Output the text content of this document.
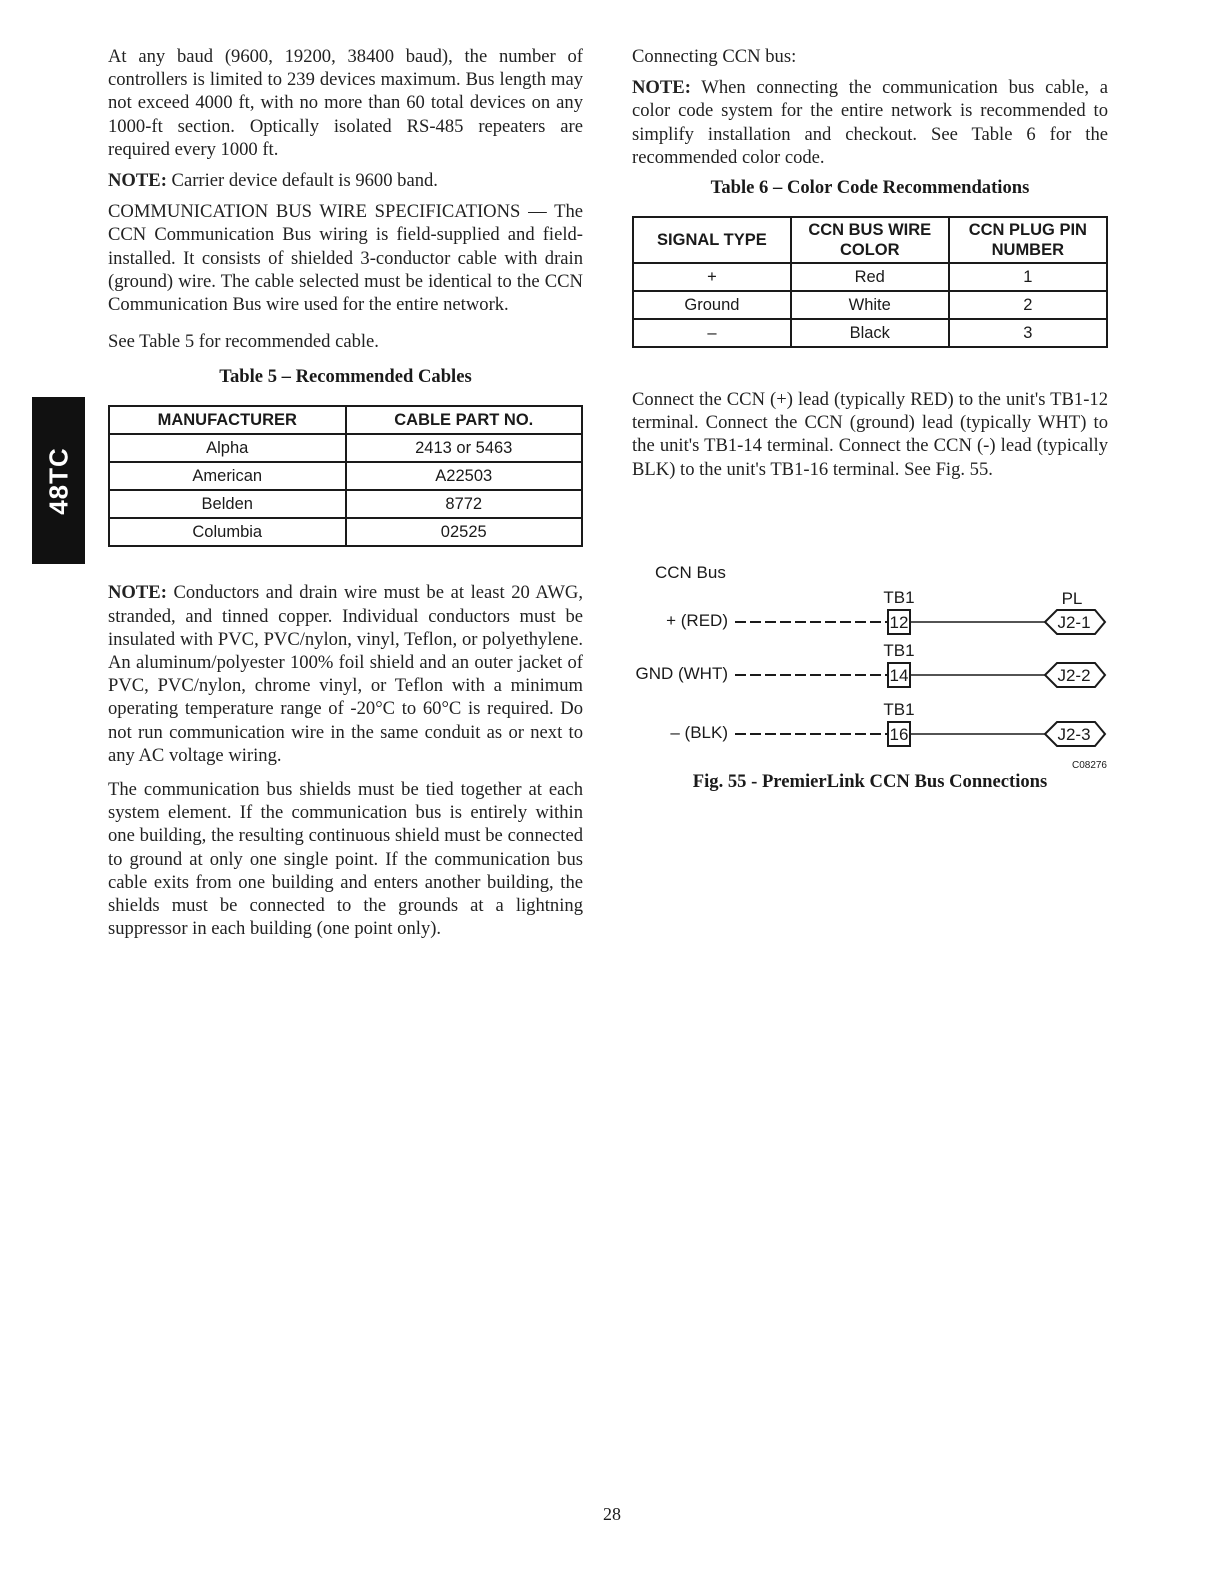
48TC

At any baud (9600, 19200, 38400 baud), the number of controllers is limited to 239 devices maximum. Bus length may not exceed 4000 ft, with no more than 60 total devices on any 1000-ft section. Optically isolated RS-485 repeaters are required every 1000 ft.

NOTE: Carrier device default is 9600 band.

COMMUNICATION BUS WIRE SPECIFICATIONS — The CCN Communication Bus wiring is field-supplied and field-installed. It consists of shielded 3-conductor cable with drain (ground) wire. The cable selected must be identical to the CCN Communication Bus wire used for the entire network.

See Table 5 for recommended cable.

Table 5 – Recommended Cables

MANUFACTURER	CABLE PART NO.
Alpha	2413 or 5463
American	A22503
Belden	8772
Columbia	02525

NOTE: Conductors and drain wire must be at least 20 AWG, stranded, and tinned copper. Individual conductors must be insulated with PVC, PVC/nylon, vinyl, Teflon, or polyethylene. An aluminum/polyester 100% foil shield and an outer jacket of PVC, PVC/nylon, chrome vinyl, or Teflon with a minimum operating temperature range of -20°C to 60°C is required. Do not run communication wire in the same conduit as or next to any AC voltage wiring.

The communication bus shields must be tied together at each system element. If the communication bus is entirely within one building, the resulting continuous shield must be connected to ground at only one single point. If the communication bus cable exits from one building and enters another building, the shields must be connected to the grounds at a lightning suppressor in each building (one point only).

Connecting CCN bus:

NOTE: When connecting the communication bus cable, a color code system for the entire network is recommended to simplify installation and checkout. See Table 6 for the recommended color code.

Table 6 – Color Code Recommendations

SIGNAL TYPE	CCN BUS WIRE COLOR	CCN PLUG PIN NUMBER
+	Red	1
Ground	White	2
–	Black	3

Connect the CCN (+) lead (typically RED) to the unit's TB1-12 terminal. Connect the CCN (ground) lead (typically WHT) to the unit's TB1-14 terminal. Connect the CCN (-) lead (typically BLK) to the unit's TB1-16 terminal. See Fig. 55.

CCN Bus
PL
TB1
+ (RED)	12	J2-1
TB1
GND (WHT)	14	J2-2
TB1
– (BLK)	16	J2-3
C08276
Fig. 55 - PremierLink CCN Bus Connections
28
